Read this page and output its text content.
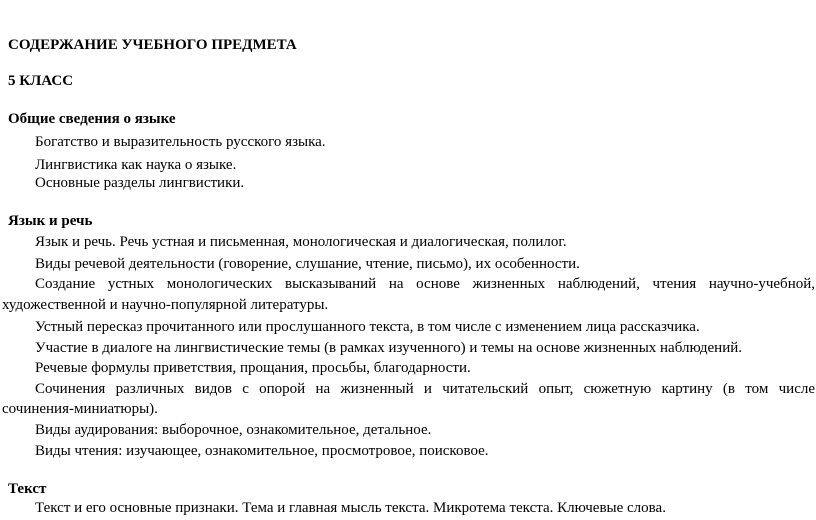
СОДЕРЖАНИЕ УЧЕБНОГО ПРЕДМЕТА
5 КЛАСС
Общие сведения о языке
Богатство и выразительность русского языка.
Лингвистика как наука о языке.
Основные разделы лингвистики.
Язык и речь
Язык и речь. Речь устная и письменная, монологическая и диалогическая, полилог.
Виды речевой деятельности (говорение, слушание, чтение, письмо), их особенности.
Создание устных монологических высказываний на основе жизненных наблюдений, чтения научно-учебной,
художественной и научно-популярной литературы.
Устный пересказ прочитанного или прослушанного текста, в том числе с изменением лица рассказчика.
Участие в диалоге на лингвистические темы (в рамках изученного) и темы на основе жизненных наблюдений.
Речевые формулы приветствия, прощания, просьбы, благодарности.
Сочинения различных видов с опорой на жизненный и читательский опыт, сюжетную картину (в том числе
сочинения-миниатюры).
Виды аудирования: выборочное, ознакомительное, детальное.
Виды чтения: изучающее, ознакомительное, просмотровое, поисковое.
Текст
Текст и его основные признаки. Тема и главная мысль текста. Микротема текста. Ключевые слова.
